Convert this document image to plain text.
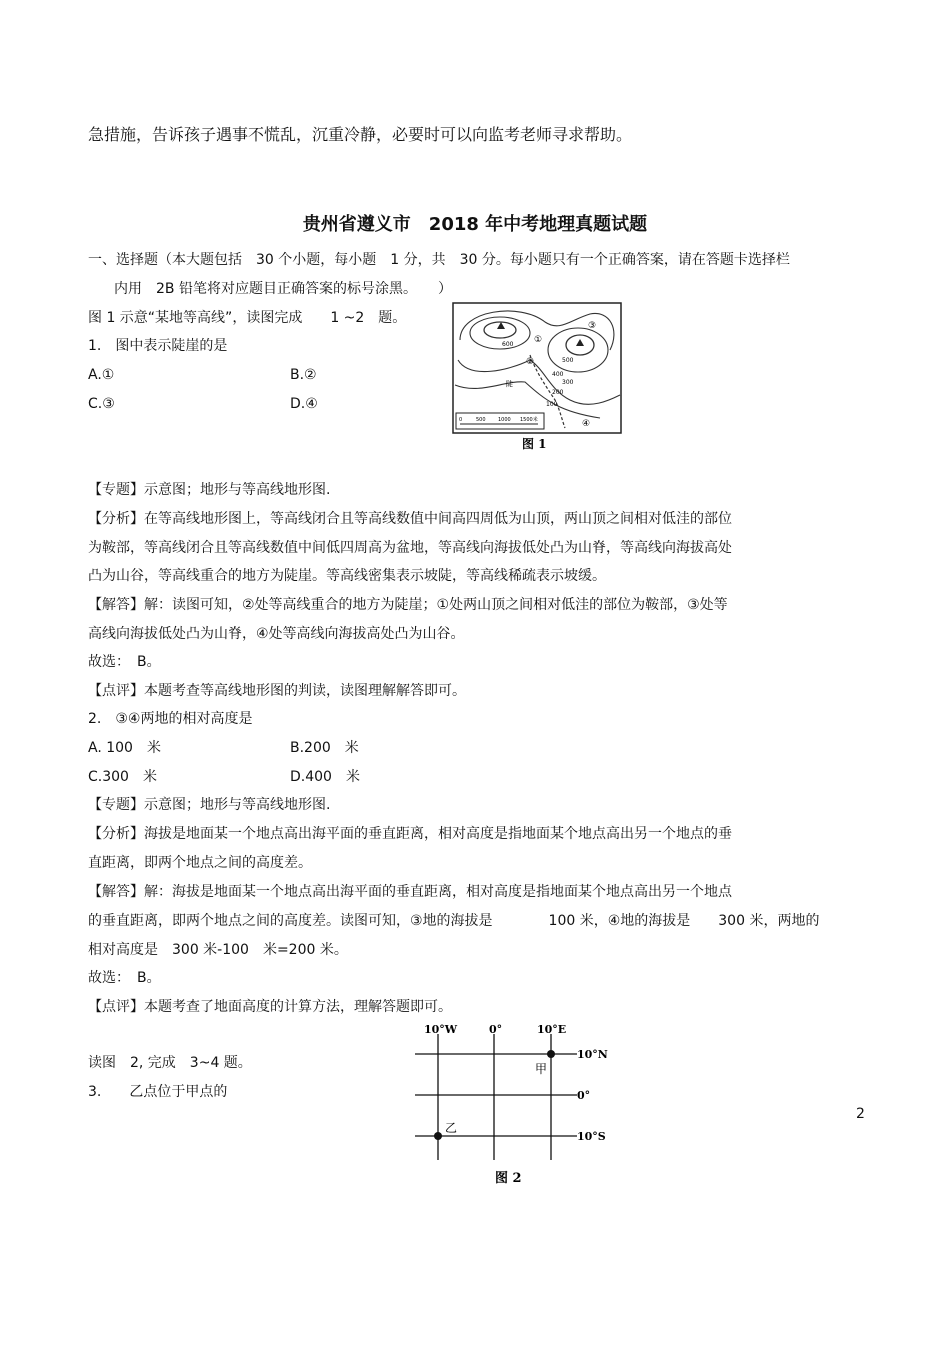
急措施，告诉孩子遇事不慌乱，沉重冷静，必要时可以向监考老师寻求帮助。
贵州省遵义市　2018 年中考地理真题试题
一、选择题（本大题包括　30 个小题，每小题　1 分，共　30 分。每小题只有一个正确答案，请在答题卡选择栏
内用　2B 铅笔将对应题目正确答案的标号涂黑。　　）
图 1 示意“某地等高线”，读图完成　　1 ~2　题。
1.　图中表示陡崖的是
A.①	B.②
C.③	D.④
600
500
400
300
200
100
①
②
③
④
陡
0	500 1000 1500米
图 1
【专题】示意图；地形与等高线地形图.
【分析】在等高线地形图上，等高线闭合且等高线数值中间高四周低为山顶，两山顶之间相对低洼的部位
为鞍部，等高线闭合且等高线数值中间低四周高为盆地，等高线向海拔低处凸为山脊，等高线向海拔高处
凸为山谷，等高线重合的地方为陡崖。等高线密集表示坡陡，等高线稀疏表示坡缓。
【解答】解：读图可知，②处等高线重合的地方为陡崖；①处两山顶之间相对低洼的部位为鞍部，③处等
高线向海拔低处凸为山脊，④处等高线向海拔高处凸为山谷。
故选：　B。
【点评】本题考查等高线地形图的判读，读图理解解答即可。
2.　③④两地的相对高度是
A. 100　米	B.200　米
C.300　米	D.400　米
【专题】示意图；地形与等高线地形图.
【分析】海拔是地面某一个地点高出海平面的垂直距离，相对高度是指地面某个地点高出另一个地点的垂
直距离，即两个地点之间的高度差。
【解答】解：海拔是地面某一个地点高出海平面的垂直距离，相对高度是指地面某个地点高出另一个地点
的垂直距离，即两个地点之间的高度差。读图可知，③地的海拔是　　　　100 米，④地的海拔是　　300 米，两地的
相对高度是　300 米-100　米=200 米。
故选：　B。
【点评】本题考查了地面高度的计算方法，理解答题即可。
读图　2, 完成　3~4 题。
3.　　乙点位于甲点的
甲
乙
10°W	0°	10°E
10°N
0°
10°S
图 2
2
